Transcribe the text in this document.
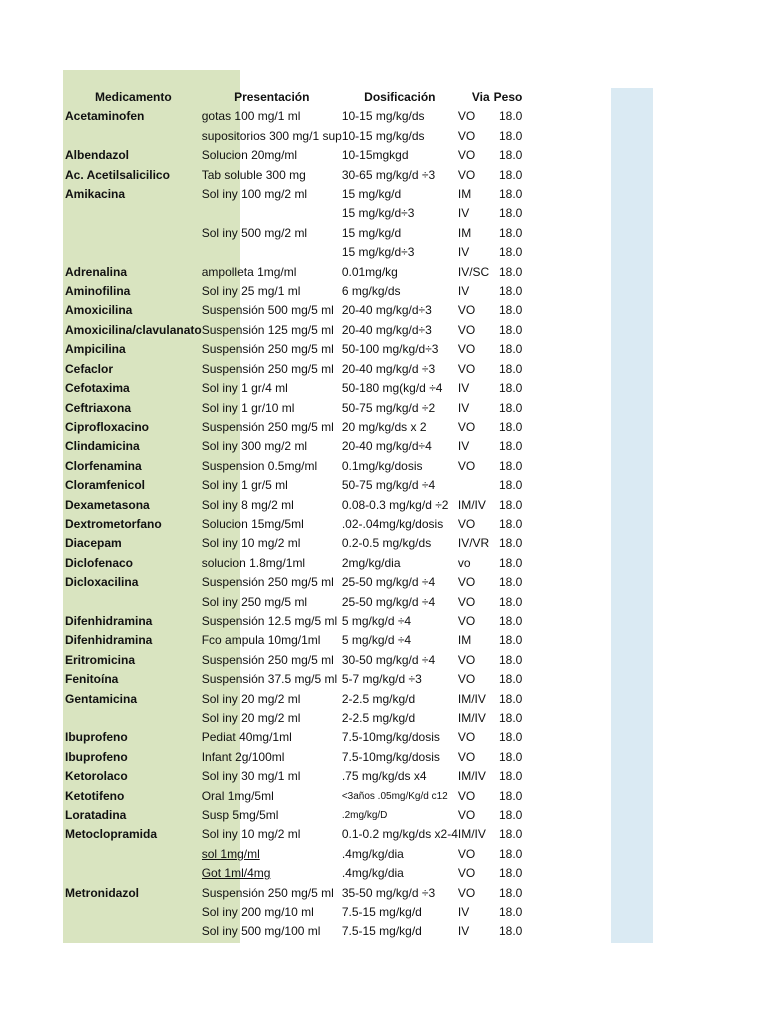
Medicamento	Presentación	Dosificación	Via	Peso
Acetaminofen	gotas 100 mg/1 ml	10-15 mg/kg/ds	VO	18.0
	supositorios 300 mg/1 sup	10-15 mg/kg/ds	VO	18.0
Albendazol	Solucion 20mg/ml	10-15mgkgd	VO	18.0
Ac. Acetilsalicilico	Tab soluble 300 mg	30-65 mg/kg/d ÷3	VO	18.0
Amikacina	Sol iny 100 mg/2 ml	15 mg/kg/d	IM	18.0
		15 mg/kg/d÷3	IV	18.0
	Sol iny 500 mg/2 ml	15 mg/kg/d	IM	18.0
		15 mg/kg/d÷3	IV	18.0
Adrenalina	ampolleta 1mg/ml	0.01mg/kg	IV/SC	18.0
Aminofilina	Sol iny 25 mg/1 ml	6 mg/kg/ds	IV	18.0
Amoxicilina	Suspensión 500 mg/5 ml	20-40 mg/kg/d÷3	VO	18.0
Amoxicilina/clavulanato	Suspensión 125 mg/5 ml	20-40 mg/kg/d÷3	VO	18.0
Ampicilina	Suspensión 250 mg/5 ml	50-100 mg/kg/d÷3	VO	18.0
Cefaclor	Suspensión 250 mg/5 ml	20-40 mg/kg/d ÷3	VO	18.0
Cefotaxima	Sol iny 1 gr/4 ml	50-180 mg(kg/d ÷4	IV	18.0
Ceftriaxona	Sol iny 1 gr/10 ml	50-75 mg/kg/d ÷2	IV	18.0
Ciprofloxacino	Suspensión 250 mg/5 ml	20 mg/kg/ds x 2	VO	18.0
Clindamicina	Sol iny 300 mg/2 ml	20-40 mg/kg/d÷4	IV	18.0
Clorfenamina	Suspension 0.5mg/ml	0.1mg/kg/dosis	VO	18.0
Cloramfenicol	Sol iny 1 gr/5 ml	50-75 mg/kg/d ÷4		18.0
Dexametasona	Sol iny 8 mg/2 ml	0.08-0.3 mg/kg/d ÷2	IM/IV	18.0
Dextrometorfano	Solucion 15mg/5ml	.02-.04mg/kg/dosis	VO	18.0
Diacepam	Sol iny 10 mg/2 ml	0.2-0.5 mg/kg/ds	IV/VR	18.0
Diclofenaco	solucion 1.8mg/1ml	2mg/kg/dia	vo	18.0
Dicloxacilina	Suspensión 250 mg/5 ml	25-50 mg/kg/d ÷4	VO	18.0
	Sol iny 250 mg/5 ml	25-50 mg/kg/d ÷4	VO	18.0
Difenhidramina	Suspensión 12.5 mg/5 ml	5 mg/kg/d ÷4	VO	18.0
Difenhidramina	Fco ampula 10mg/1ml	5 mg/kg/d ÷4	IM	18.0
Eritromicina	Suspensión 250 mg/5 ml	30-50 mg/kg/d ÷4	VO	18.0
Fenitoína	Suspensión 37.5 mg/5 ml	5-7 mg/kg/d ÷3	VO	18.0
Gentamicina	Sol iny 20 mg/2 ml	2-2.5 mg/kg/d	IM/IV	18.0
	Sol iny 20 mg/2 ml	2-2.5 mg/kg/d	IM/IV	18.0
Ibuprofeno	Pediat 40mg/1ml	7.5-10mg/kg/dosis	VO	18.0
Ibuprofeno	Infant 2g/100ml	7.5-10mg/kg/dosis	VO	18.0
Ketorolaco	Sol iny 30 mg/1 ml	.75 mg/kg/ds x4	IM/IV	18.0
Ketotifeno	Oral 1mg/5ml	<3años .05mg/Kg/d c12	VO	18.0
Loratadina	Susp 5mg/5ml	.2mg/kg/D	VO	18.0
Metoclopramida	Sol iny 10 mg/2 ml	0.1-0.2 mg/kg/ds x2-4	IM/IV	18.0
	sol 1mg/ml	.4mg/kg/dia	VO	18.0
	Got 1ml/4mg	.4mg/kg/dia	VO	18.0
Metronidazol	Suspensión 250 mg/5 ml	35-50 mg/kg/d ÷3	VO	18.0
	Sol iny 200 mg/10 ml	7.5-15 mg/kg/d	IV	18.0
	Sol iny 500 mg/100 ml	7.5-15 mg/kg/d	IV	18.0
